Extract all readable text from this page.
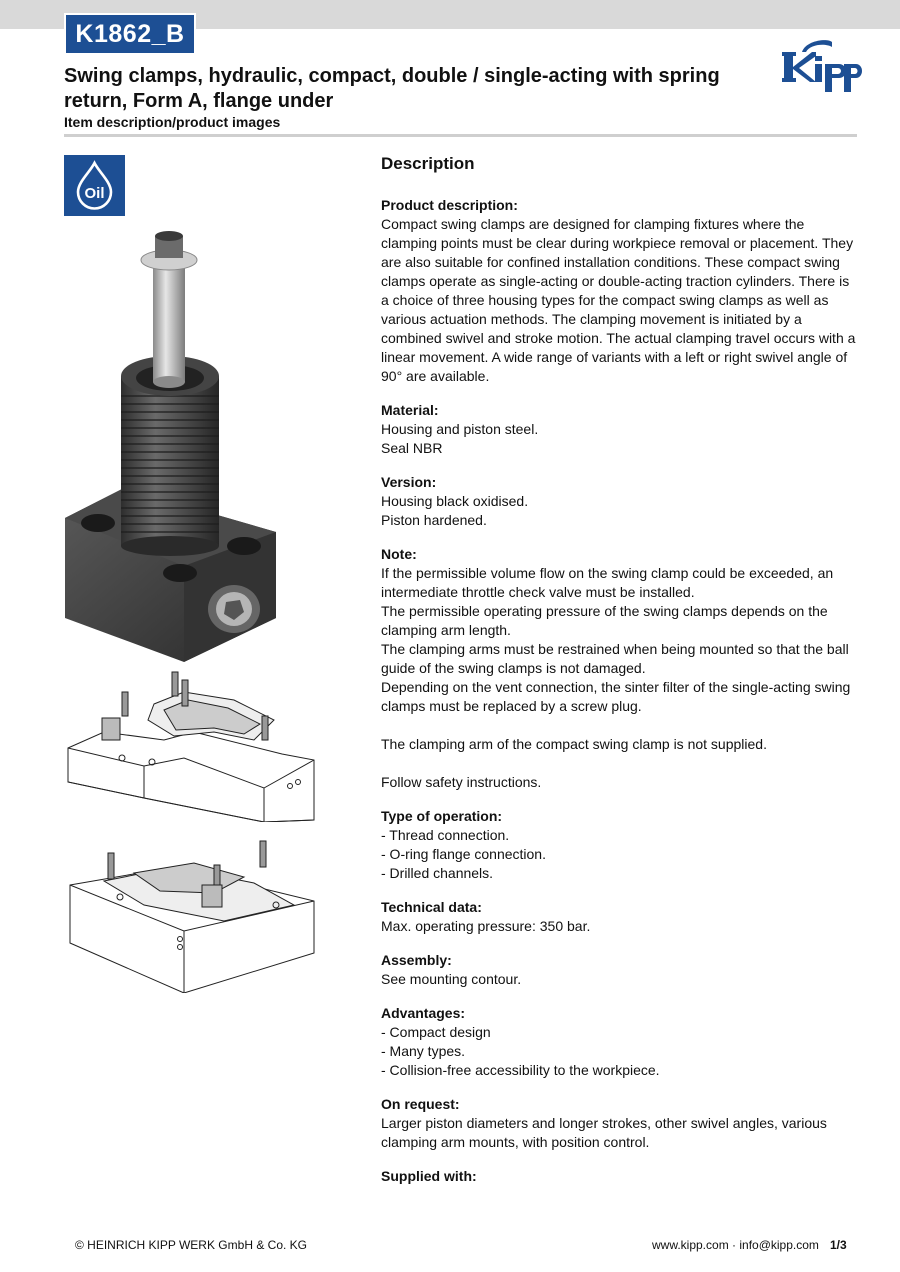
K1862_B
Swing clamps, hydraulic, compact, double / single-acting with spring return, Form A, flange under
Item description/product images
Oil
Description
Product description:

Compact swing clamps are designed for clamping fixtures where the clamping points must be clear during workpiece removal or placement. They are also suitable for confined installation conditions. These compact swing clamps operate as single-acting or double-acting traction cylinders. There is a choice of three housing types for the compact swing clamps as well as various actuation methods. The clamping movement is initiated by a combined swivel and stroke motion. The actual clamping travel occurs with a linear movement. A wide range of variants with a left or right swivel angle of 90° are available.

Material:

Housing and piston steel.
Seal NBR

Version:

Housing black oxidised.
Piston hardened.

Note:

If the permissible volume flow on the swing clamp could be exceeded, an intermediate throttle check valve must be installed.
The permissible operating pressure of the swing clamps depends on the clamping arm length.
The clamping arms must be restrained when being mounted so that the ball guide of the swing clamps is not damaged.
Depending on the vent connection, the sinter filter of the single-acting swing clamps must be replaced by a screw plug.

The clamping arm of the compact swing clamp is not supplied.

Follow safety instructions.

Type of operation:

- Thread connection.
- O-ring flange connection.
- Drilled channels.

Technical data:

Max. operating pressure: 350 bar.

Assembly:

See mounting contour.

Advantages:

- Compact design
- Many types.
- Collision-free accessibility to the workpiece.

On request:

Larger piston diameters and longer strokes, other swivel angles, various clamping arm mounts, with position control.

Supplied with:

© HEINRICH KIPP WERK GmbH & Co. KG	www.kipp.com · info@kipp.com 1/3
